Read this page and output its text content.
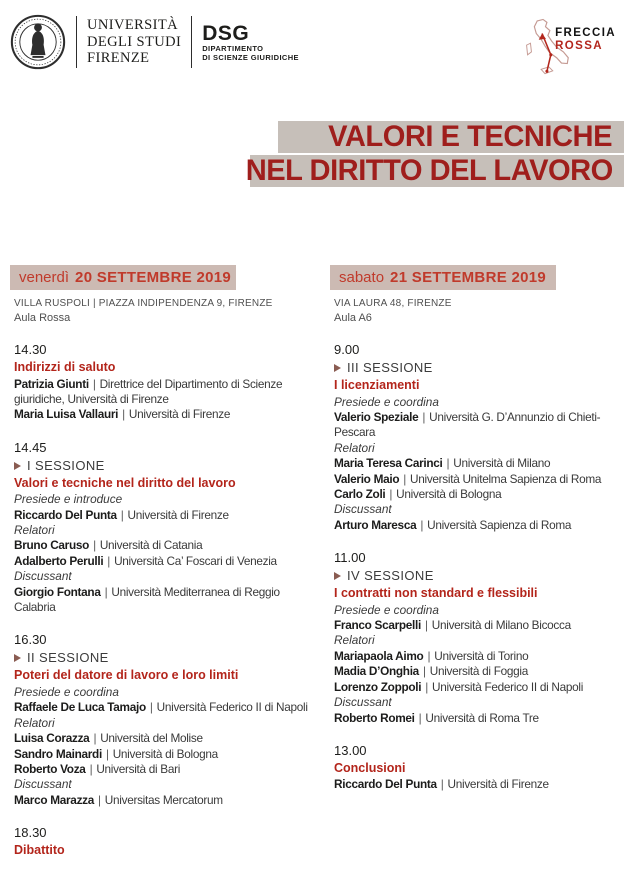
UNIVERSITÀ
DEGLI STUDI
FIRENZE
DSG
DIPARTIMENTO
DI SCIENZE GIURIDICHE
FRECCIA
ROSSA
VALORI E TECNICHE
NEL DIRITTO DEL LAVORO
venerdì 20 SETTEMBRE 2019
VILLA RUSPOLI | PIAZZA INDIPENDENZA 9, FIRENZE
Aula Rossa
14.30
Indirizzi di saluto
Patrizia Giunti | Direttrice del Dipartimento di Scienze giuridiche, Università di Firenze
Maria Luisa Vallauri | Università di Firenze
14.45
I SESSIONE
Valori e tecniche nel diritto del lavoro
Presiede e introduce
Riccardo Del Punta | Università di Firenze
Relatori
Bruno Caruso | Università di Catania
Adalberto Perulli | Università Ca’ Foscari di Venezia
Discussant
Giorgio Fontana | Università Mediterranea di Reggio Calabria
16.30
II SESSIONE
Poteri del datore di lavoro e loro limiti
Presiede e coordina
Raffaele De Luca Tamajo | Università Federico II di Napoli
Relatori
Luisa Corazza | Università del Molise
Sandro Mainardi | Università di Bologna
Roberto Voza | Università di Bari
Discussant
Marco Marazza | Universitas Mercatorum
18.30
Dibattito
sabato 21 SETTEMBRE 2019
VIA LAURA 48, FIRENZE
Aula A6
9.00
III SESSIONE
I licenziamenti
Presiede e coordina
Valerio Speziale | Università G. D’Annunzio di Chieti-Pescara
Relatori
Maria Teresa Carinci | Università di Milano
Valerio Maio | Università Unitelma Sapienza di Roma
Carlo Zoli | Università di Bologna
Discussant
Arturo Maresca | Università Sapienza di Roma
11.00
IV SESSIONE
I contratti non standard e flessibili
Presiede e coordina
Franco Scarpelli | Università di Milano Bicocca
Relatori
Mariapaola Aimo | Università di Torino
Madia D’Onghia | Università di Foggia
Lorenzo Zoppoli | Università Federico II di Napoli
Discussant
Roberto Romei | Università di Roma Tre
13.00
Conclusioni
Riccardo Del Punta | Università di Firenze
